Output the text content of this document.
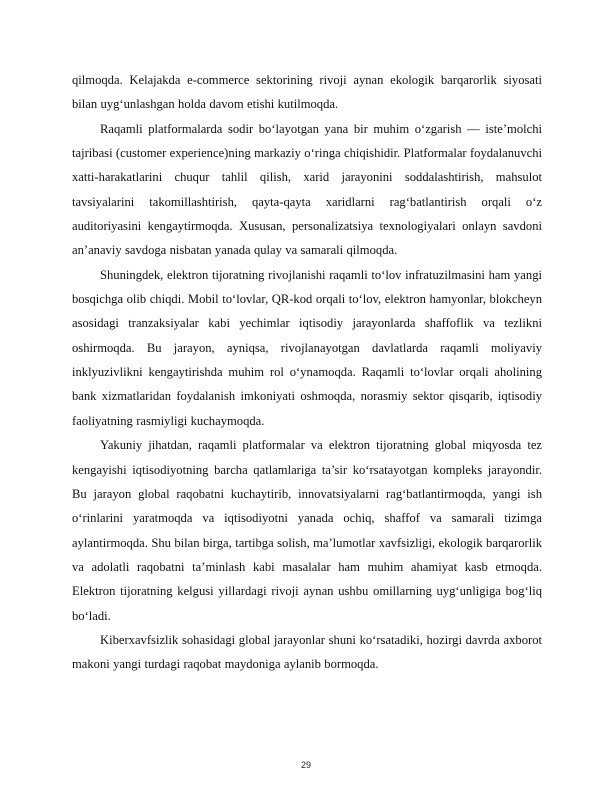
qilmoqda. Kelajakda e-commerce sektorining rivoji aynan ekologik barqarorlik siyosati bilan uyg‘unlashgan holda davom etishi kutilmoqda.

Raqamli platformalarda sodir bo‘layotgan yana bir muhim o‘zgarish — iste’molchi tajribasi (customer experience)ning markaziy o‘ringa chiqishidir. Platformalar foydalanuvchi xatti-harakatlarini chuqur tahlil qilish, xarid jarayonini soddalashtirish, mahsulot tavsiyalarini takomillashtirish, qayta-qayta xaridlarni rag‘batlantirish orqali o‘z auditoriyasini kengaytirmoqda. Xususan, personalizatsiya texnologiyalari onlayn savdoni an’anaviy savdoga nisbatan yanada qulay va samarali qilmoqda.

Shuningdek, elektron tijoratning rivojlanishi raqamli to‘lov infratuzilmasini ham yangi bosqichga olib chiqdi. Mobil to‘lovlar, QR-kod orqali to‘lov, elektron hamyonlar, blokcheyn asosidagi tranzaksiyalar kabi yechimlar iqtisodiy jarayonlarda shaffoflik va tezlikni oshirmoqda. Bu jarayon, ayniqsa, rivojlanayotgan davlatlarda raqamli moliyaviy inklyuzivlikni kengaytirishda muhim rol o‘ynamoqda. Raqamli to‘lovlar orqali aholining bank xizmatlaridan foydalanish imkoniyati oshmoqda, norasmiy sektor qisqarib, iqtisodiy faoliyatning rasmiyligi kuchaymoqda.

Yakuniy jihatdan, raqamli platformalar va elektron tijoratning global miqyosda tez kengayishi iqtisodiyotning barcha qatlamlariga ta’sir ko‘rsatayotgan kompleks jarayondir. Bu jarayon global raqobatni kuchaytirib, innovatsiyalarni rag‘batlantirmoqda, yangi ish o‘rinlarini yaratmoqda va iqtisodiyotni yanada ochiq, shaffof va samarali tizimga aylantirmoqda. Shu bilan birga, tartibga solish, ma’lumotlar xavfsizligi, ekologik barqarorlik va adolatli raqobatni ta’minlash kabi masalalar ham muhim ahamiyat kasb etmoqda. Elektron tijoratning kelgusi yillardagi rivoji aynan ushbu omillarning uyg‘unligiga bog‘liq bo‘ladi.

Kiberxavfsizlik sohasidagi global jarayonlar shuni ko‘rsatadiki, hozirgi davrda axborot makoni yangi turdagi raqobat maydoniga aylanib bormoqda.

29
